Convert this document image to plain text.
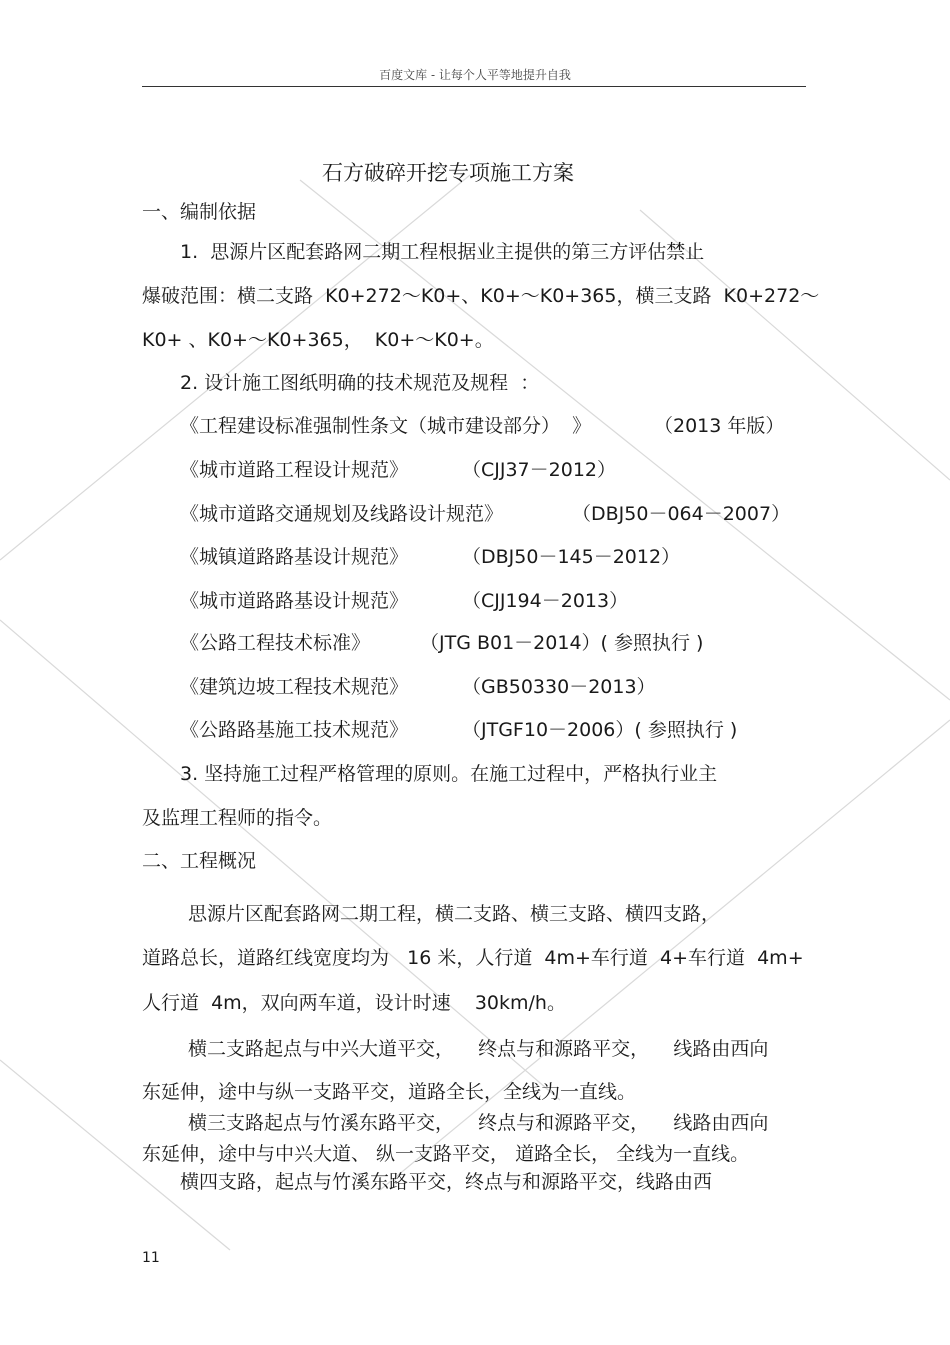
百度文库 - 让每个人平等地提升自我
石方破碎开挖专项施工方案
一、编制依据
1.  思源片区配套路网二期工程根据业主提供的第三方评估禁止
爆破范围：横二支路  K0+272～K0+、K0+～K0+365，横三支路  K0+272～
K0+ 、K0+～K0+365，  K0+～K0+。
2. 设计施工图纸明确的技术规范及规程  ：
《工程建设标准强制性条文（城市建设部分）  》	（2013 年版）
《城市道路工程设计规范》	（CJJ37－2012）
《城市道路交通规划及线路设计规范》	（DBJ50－064－2007）
《城镇道路路基设计规范》	（DBJ50－145－2012）
《城市道路路基设计规范》	（CJJ194－2013）
《公路工程技术标准》	（JTG B01－2014）( 参照执行 )
《建筑边坡工程技术规范》	（GB50330－2013）
《公路路基施工技术规范》	（JTGF10－2006）( 参照执行 )
3. 坚持施工过程严格管理的原则。在施工过程中，严格执行业主
及监理工程师的指令。
二、工程概况
思源片区配套路网二期工程，横二支路、横三支路、横四支路，
道路总长，道路红线宽度均为   16 米，人行道  4m+车行道  4+车行道  4m+
人行道  4m，双向两车道，设计时速    30km/h。
横二支路起点与中兴大道平交，    终点与和源路平交，    线路由西向
东延伸，途中与纵一支路平交，道路全长，全线为一直线。
横三支路起点与竹溪东路平交，    终点与和源路平交，    线路由西向
东延伸，途中与中兴大道、 纵一支路平交， 道路全长， 全线为一直线。
横四支路，起点与竹溪东路平交，终点与和源路平交，线路由西
11
